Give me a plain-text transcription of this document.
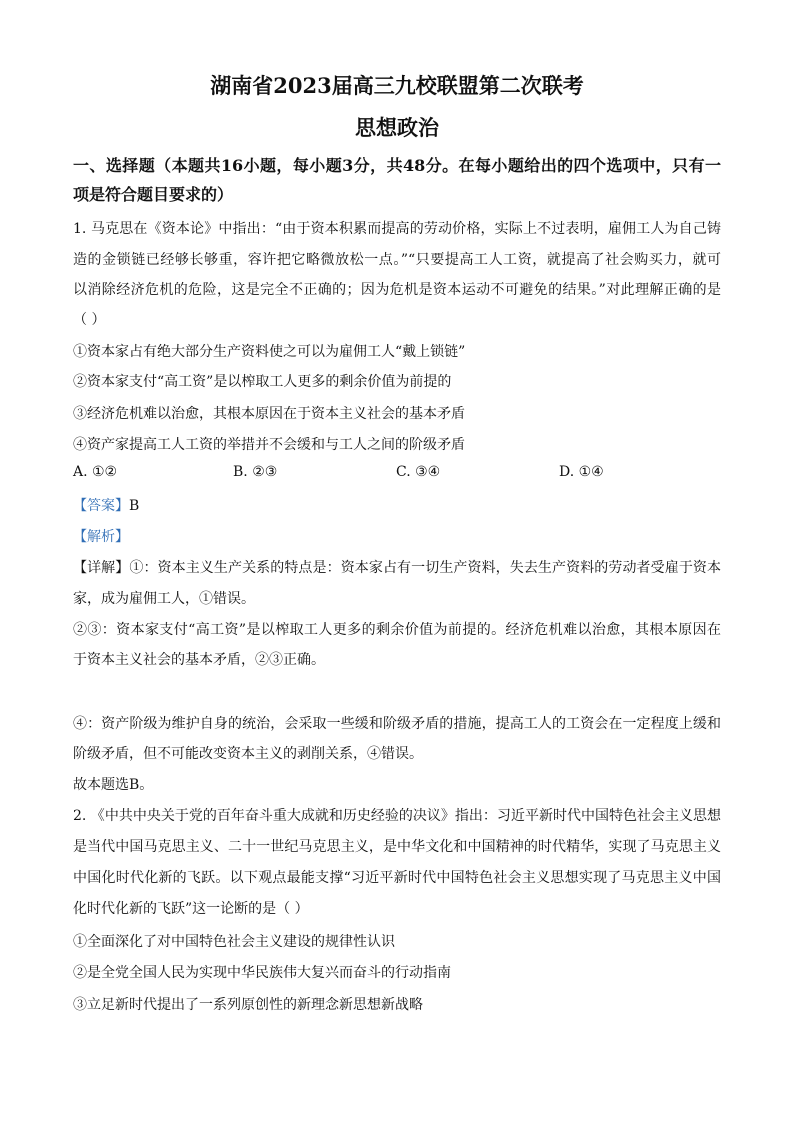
湖南省2023届高三九校联盟第二次联考
思想政治
一、选择题（本题共16小题，每小题3分，共48分。在每小题给出的四个选项中，只有一
项是符合题目要求的）
1. 马克思在《资本论》中指出：“由于资本积累而提高的劳动价格，实际上不过表明，雇佣工人为自己铸
造的金锁链已经够长够重，容许把它略微放松一点。”“只要提高工人工资，就提高了社会购买力，就可
以消除经济危机的危险，这是完全不正确的；因为危机是资本运动不可避免的结果。”对此理解正确的是
（ ）
①资本家占有绝大部分生产资料使之可以为雇佣工人“戴上锁链”
②资本家支付“高工资”是以榨取工人更多的剩余价值为前提的
③经济危机难以治愈，其根本原因在于资本主义社会的基本矛盾
④资产家提高工人工资的举措并不会缓和与工人之间的阶级矛盾
A. ①②	B. ②③	C. ③④	D. ①④
【答案】B
【解析】
【详解】①：资本主义生产关系的特点是：资本家占有一切生产资料，失去生产资料的劳动者受雇于资本
家，成为雇佣工人，①错误。
②③：资本家支付“高工资”是以榨取工人更多的剩余价值为前提的。经济危机难以治愈，其根本原因在
于资本主义社会的基本矛盾，②③正确。
④：资产阶级为维护自身的统治，会采取一些缓和阶级矛盾的措施，提高工人的工资会在一定程度上缓和
阶级矛盾，但不可能改变资本主义的剥削关系，④错误。
故本题选B。
2. 《中共中央关于党的百年奋斗重大成就和历史经验的决议》指出：习近平新时代中国特色社会主义思想
是当代中国马克思主义、二十一世纪马克思主义，是中华文化和中国精神的时代精华，实现了马克思主义
中国化时代化新的飞跃。以下观点最能支撑“习近平新时代中国特色社会主义思想实现了马克思主义中国
化时代化新的飞跃”这一论断的是（ ）
①全面深化了对中国特色社会主义建设的规律性认识
②是全党全国人民为实现中华民族伟大复兴而奋斗的行动指南
③立足新时代提出了一系列原创性的新理念新思想新战略
